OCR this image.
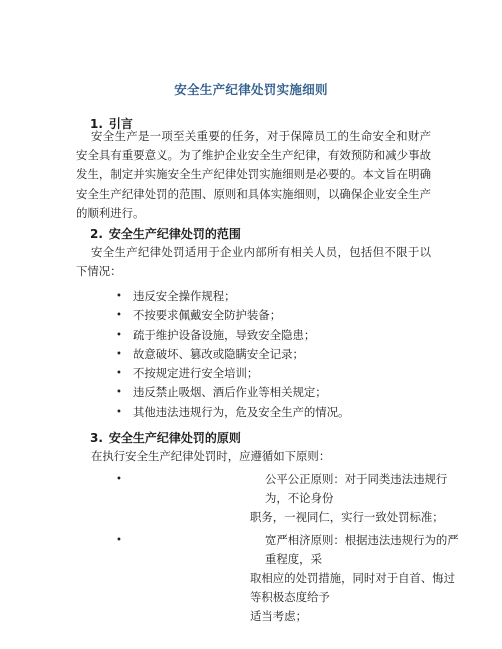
安全生产纪律处罚实施细则
1. 引言
安全生产是一项至关重要的任务，对于保障员工的生命安全和财产安全具有重要意义。为了维护企业安全生产纪律，有效预防和减少事故发生，制定并实施安全生产纪律处罚实施细则是必要的。本文旨在明确安全生产纪律处罚的范围、原则和具体实施细则，以确保企业安全生产的顺利进行。
2. 安全生产纪律处罚的范围
安全生产纪律处罚适用于企业内部所有相关人员，包括但不限于以下情况：
• 违反安全操作规程；
• 不按要求佩戴安全防护装备；
• 疏于维护设备设施，导致安全隐患；
• 故意破坏、篡改或隐瞒安全记录；
• 不按规定进行安全培训；
• 违反禁止吸烟、酒后作业等相关规定；
• 其他违法违规行为，危及安全生产的情况。
3. 安全生产纪律处罚的原则
在执行安全生产纪律处罚时，应遵循如下原则：
•	公平公正原则：对于同类违法违规行为，不论身份
职务，一视同仁，实行一致处罚标准；
•	宽严相济原则：根据违法违规行为的严重程度，采
取相应的处罚措施，同时对于自首、悔过等积极态度给予
适当考虑；
